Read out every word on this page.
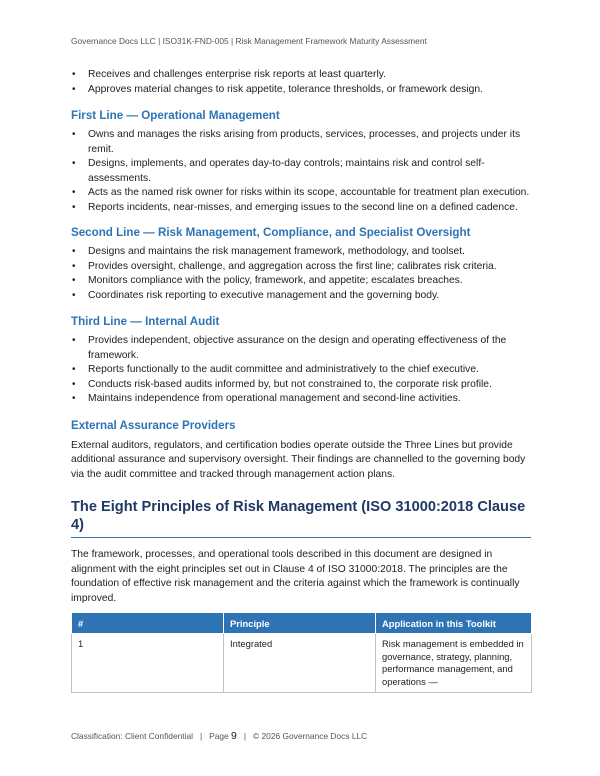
Governance Docs LLC | ISO31K-FND-005 | Risk Management Framework Maturity Assessment
• Receives and challenges enterprise risk reports at least quarterly.
• Approves material changes to risk appetite, tolerance thresholds, or framework design.
First Line — Operational Management
• Owns and manages the risks arising from products, services, processes, and projects under its remit.
• Designs, implements, and operates day-to-day controls; maintains risk and control self-assessments.
• Acts as the named risk owner for risks within its scope, accountable for treatment plan execution.
• Reports incidents, near-misses, and emerging issues to the second line on a defined cadence.
Second Line — Risk Management, Compliance, and Specialist Oversight
• Designs and maintains the risk management framework, methodology, and toolset.
• Provides oversight, challenge, and aggregation across the first line; calibrates risk criteria.
• Monitors compliance with the policy, framework, and appetite; escalates breaches.
• Coordinates risk reporting to executive management and the governing body.
Third Line — Internal Audit
• Provides independent, objective assurance on the design and operating effectiveness of the framework.
• Reports functionally to the audit committee and administratively to the chief executive.
• Conducts risk-based audits informed by, but not constrained to, the corporate risk profile.
• Maintains independence from operational management and second-line activities.
External Assurance Providers

External auditors, regulators, and certification bodies operate outside the Three Lines but provide additional assurance and supervisory oversight. Their findings are channelled to the governing body via the audit committee and tracked through management action plans.

The Eight Principles of Risk Management (ISO 31000:2018 Clause 4)

The framework, processes, and operational tools described in this document are designed in alignment with the eight principles set out in Clause 4 of ISO 31000:2018. The principles are the foundation of effective risk management and the criteria against which the framework is continually improved.

#	Principle	Application in this Toolkit
1	Integrated	Risk management is embedded in governance, strategy, planning, performance management, and operations —
Classification: Client Confidential | Page 9 | © 2026 Governance Docs LLC
